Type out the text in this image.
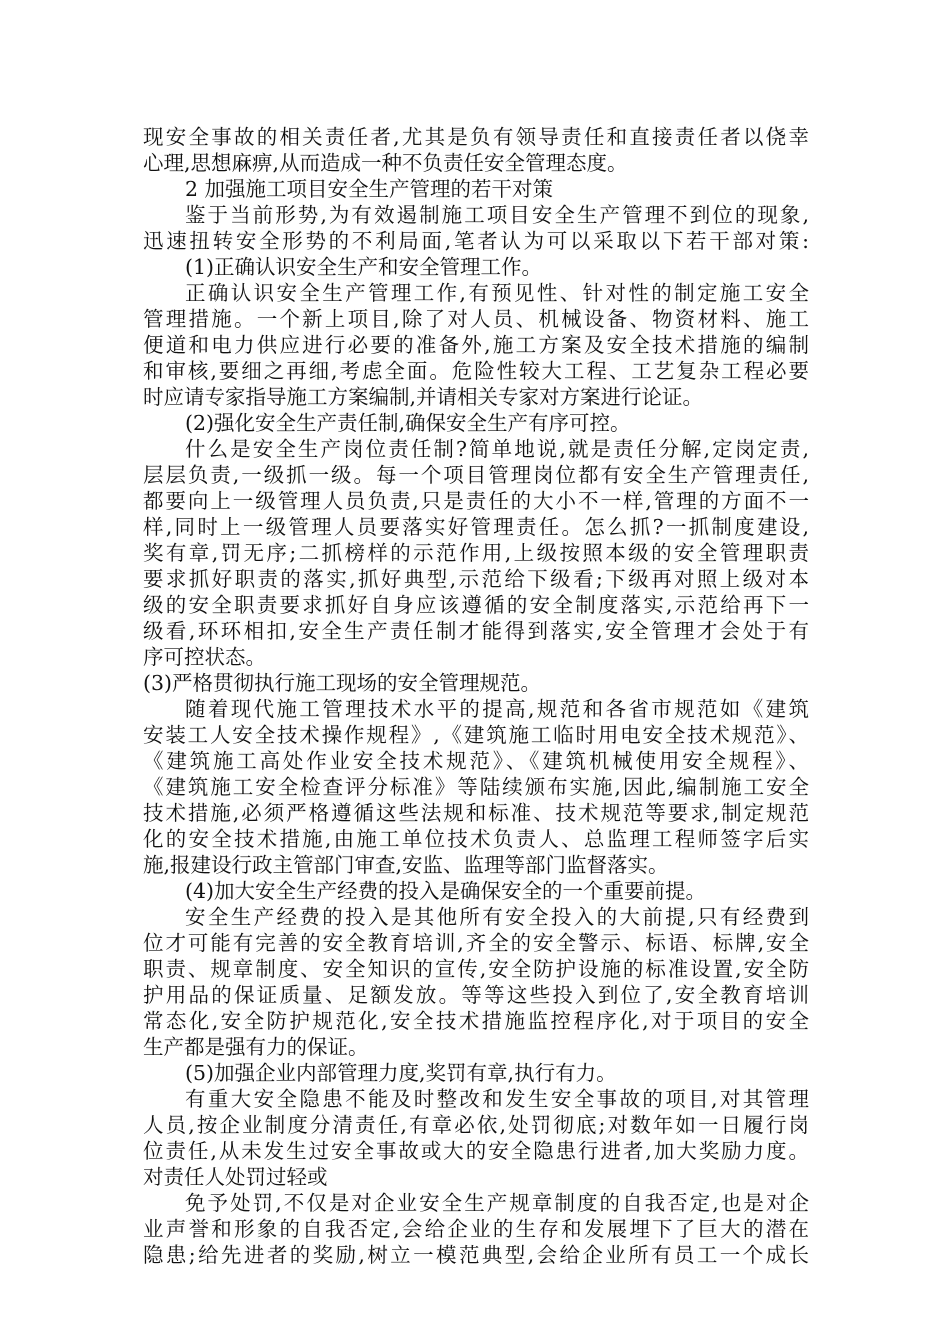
现安全事故的相关责任者,尤其是负有领导责任和直接责任者以侥幸
心理,思想麻痹,从而造成一种不负责任安全管理态度。
2 加强施工项目安全生产管理的若干对策
鉴于当前形势,为有效遏制施工项目安全生产管理不到位的现象,
迅速扭转安全形势的不利局面,笔者认为可以采取以下若干部对策:
(1)正确认识安全生产和安全管理工作。
正确认识安全生产管理工作,有预见性、针对性的制定施工安全
管理措施。一个新上项目,除了对人员、机械设备、物资材料、施工
便道和电力供应进行必要的准备外,施工方案及安全技术措施的编制
和审核,要细之再细,考虑全面。危险性较大工程、工艺复杂工程必要
时应请专家指导施工方案编制,并请相关专家对方案进行论证。
(2)强化安全生产责任制,确保安全生产有序可控。
什么是安全生产岗位责任制?简单地说,就是责任分解,定岗定责,
层层负责,一级抓一级。每一个项目管理岗位都有安全生产管理责任,
都要向上一级管理人员负责,只是责任的大小不一样,管理的方面不一
样,同时上一级管理人员要落实好管理责任。怎么抓?一抓制度建设,
奖有章,罚无序;二抓榜样的示范作用,上级按照本级的安全管理职责
要求抓好职责的落实,抓好典型,示范给下级看;下级再对照上级对本
级的安全职责要求抓好自身应该遵循的安全制度落实,示范给再下一
级看,环环相扣,安全生产责任制才能得到落实,安全管理才会处于有
序可控状态。
(3)严格贯彻执行施工现场的安全管理规范。
随着现代施工管理技术水平的提高,规范和各省市规范如《建筑
安装工人安全技术操作规程》,《建筑施工临时用电安全技术规范》、
《建筑施工高处作业安全技术规范》、《建筑机械使用安全规程》、
《建筑施工安全检查评分标准》等陆续颁布实施,因此,编制施工安全
技术措施,必须严格遵循这些法规和标准、技术规范等要求,制定规范
化的安全技术措施,由施工单位技术负责人、总监理工程师签字后实
施,报建设行政主管部门审查,安监、监理等部门监督落实。
(4)加大安全生产经费的投入是确保安全的一个重要前提。
安全生产经费的投入是其他所有安全投入的大前提,只有经费到
位才可能有完善的安全教育培训,齐全的安全警示、标语、标牌,安全
职责、规章制度、安全知识的宣传,安全防护设施的标准设置,安全防
护用品的保证质量、足额发放。等等这些投入到位了,安全教育培训
常态化,安全防护规范化,安全技术措施监控程序化,对于项目的安全
生产都是强有力的保证。
(5)加强企业内部管理力度,奖罚有章,执行有力。
有重大安全隐患不能及时整改和发生安全事故的项目,对其管理
人员,按企业制度分清责任,有章必依,处罚彻底;对数年如一日履行岗
位责任,从未发生过安全事故或大的安全隐患行进者,加大奖励力度。
对责任人处罚过轻或
免予处罚,不仅是对企业安全生产规章制度的自我否定,也是对企
业声誉和形象的自我否定,会给企业的生存和发展埋下了巨大的潜在
隐患;给先进者的奖励,树立一模范典型,会给企业所有员工一个成长
